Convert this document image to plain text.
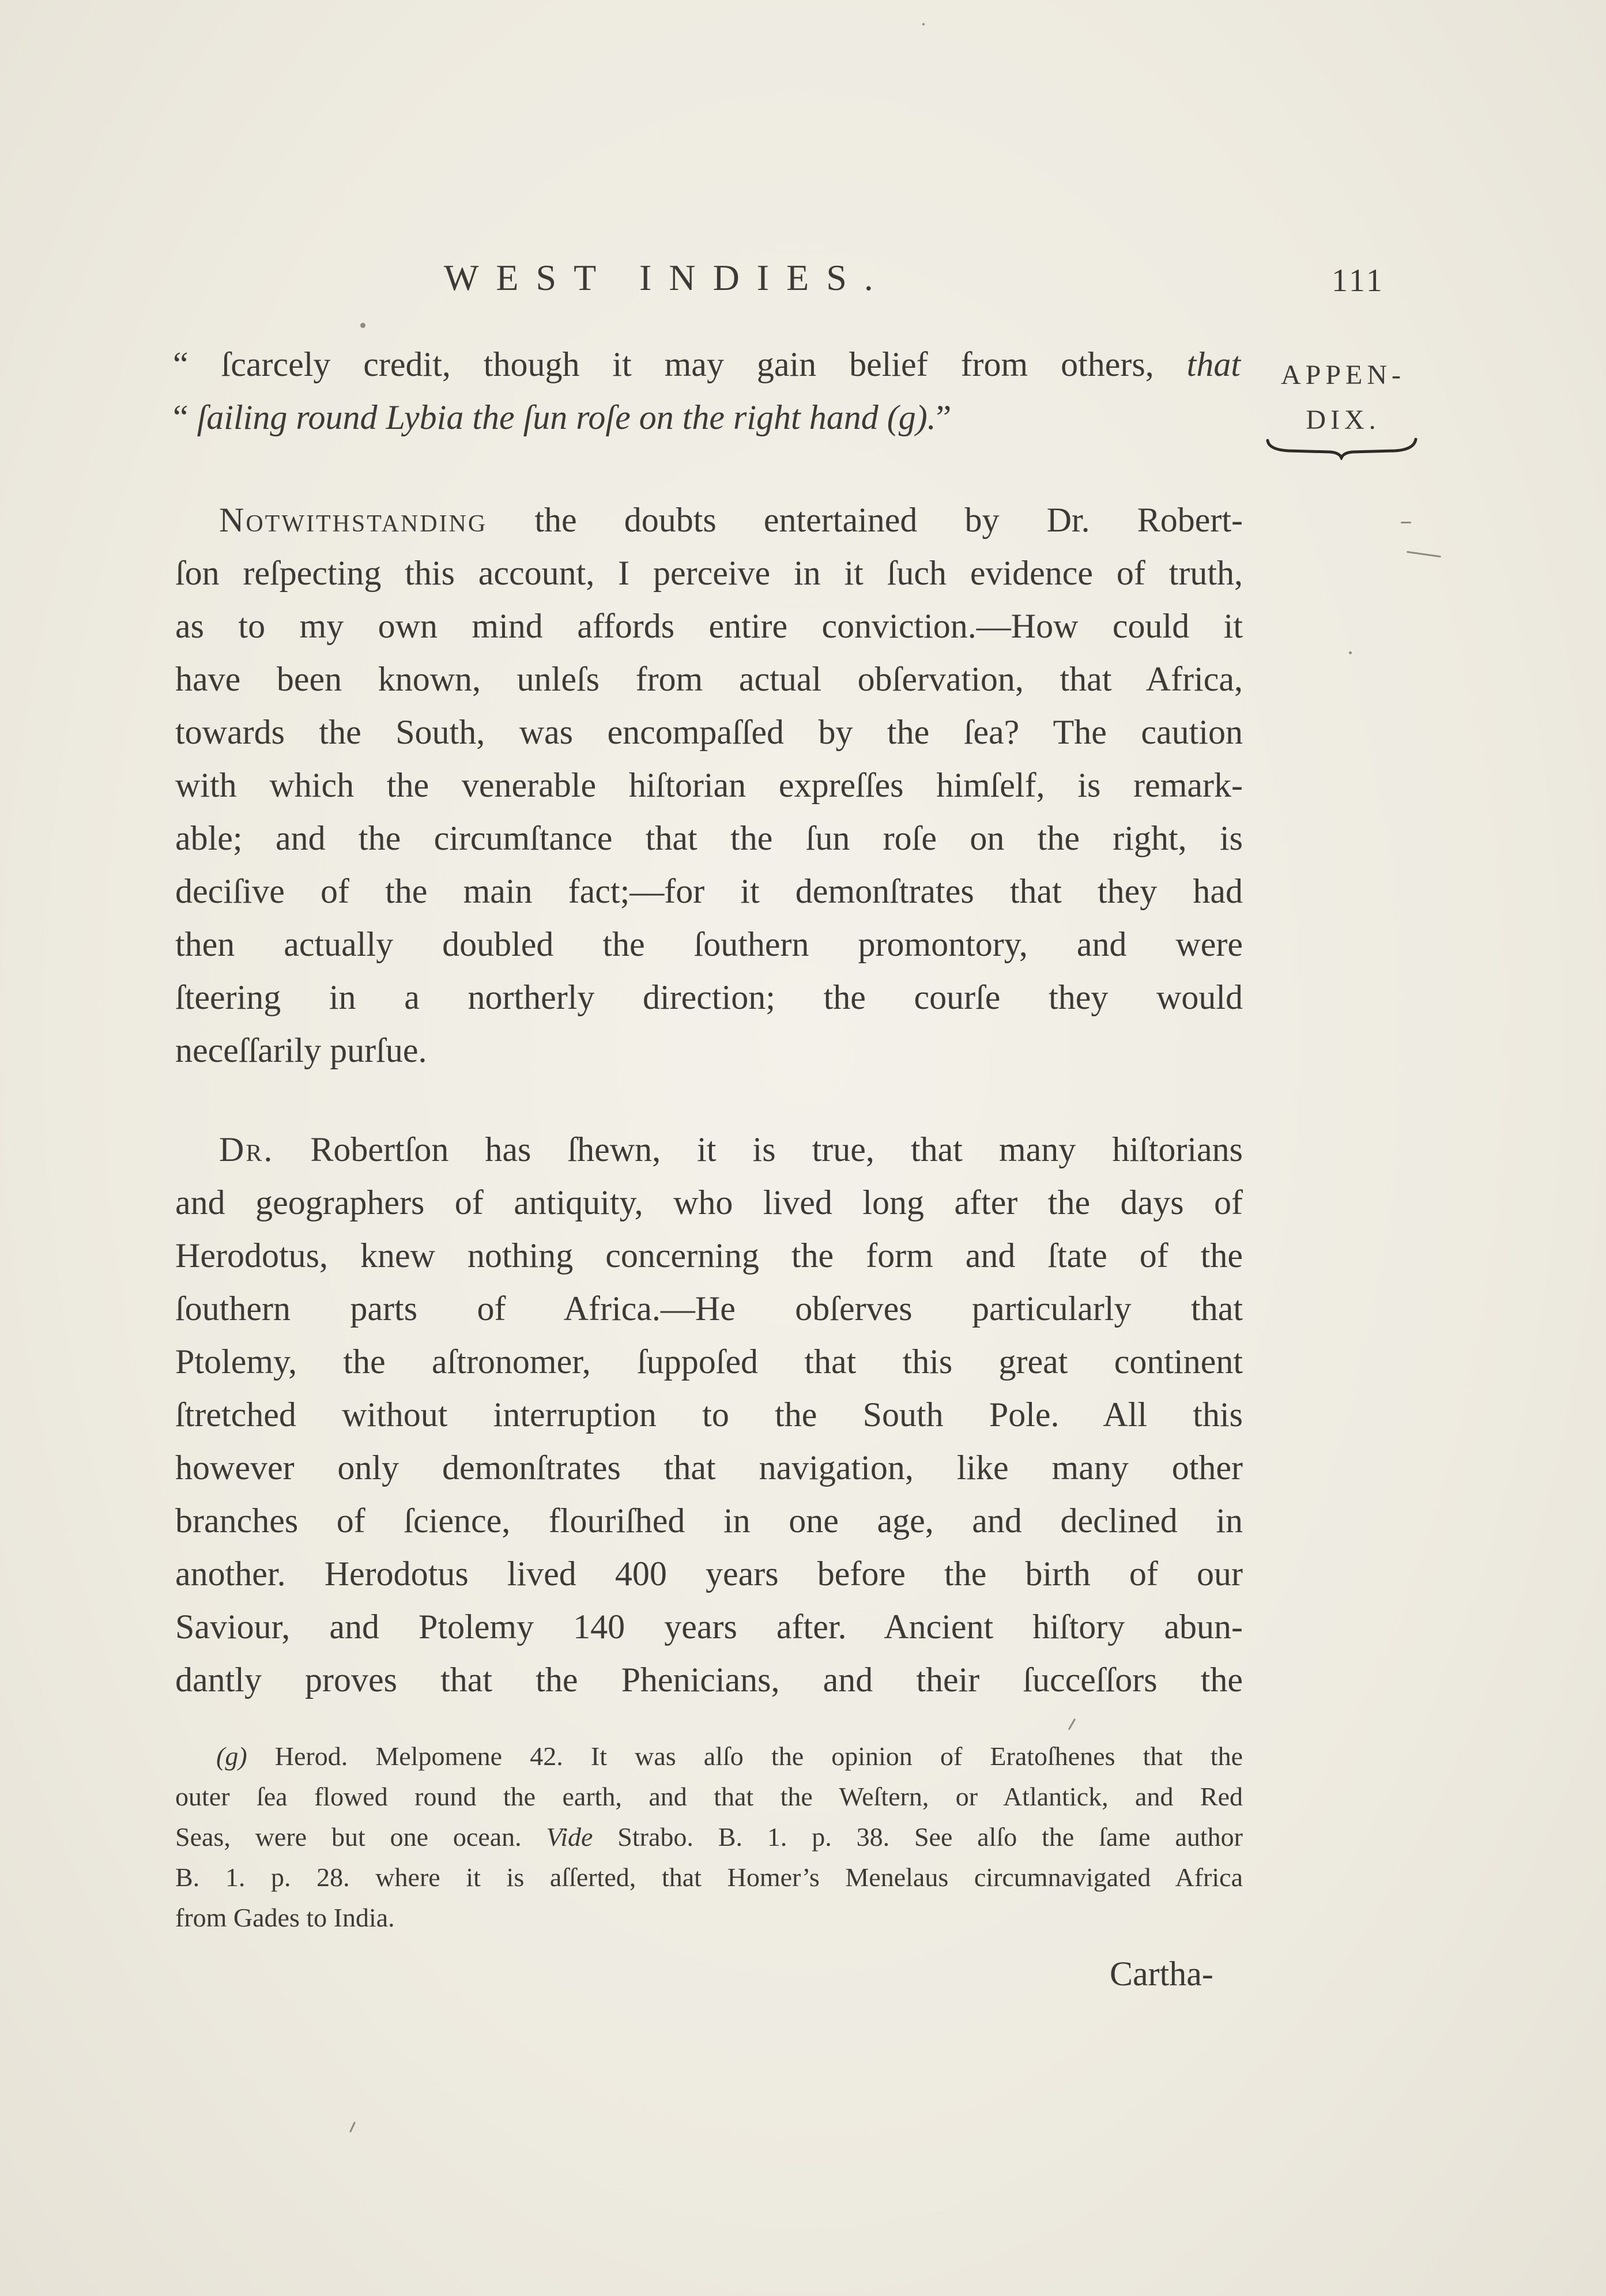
WEST INDIES.	111
APPEN-
DIX.
“ ſcarcely credit, though it may gain belief from others, that
“ ſailing round Lybia the ſun roſe on the right hand (g).”
Notwithstanding the doubts entertained by Dr. Robert-
ſon reſpecting this account, I perceive in it ſuch evidence of truth,
as to my own mind affords entire conviction.—How could it
have been known, unleſs from actual obſervation, that Africa,
towards the South, was encompaſſed by the ſea? The caution
with which the venerable hiſtorian expreſſes himſelf, is remark-
able; and the circumſtance that the ſun roſe on the right, is
deciſive of the main fact;—for it demonſtrates that they had
then actually doubled the ſouthern promontory, and were
ſteering in a northerly direction; the courſe they would
neceſſarily purſue.
Dr. Robertſon has ſhewn, it is true, that many hiſtorians
and geographers of antiquity, who lived long after the days of
Herodotus, knew nothing concerning the form and ſtate of the
ſouthern parts of Africa.—He obſerves particularly that
Ptolemy, the aſtronomer, ſuppoſed that this great continent
ſtretched without interruption to the South Pole. All this
however only demonſtrates that navigation, like many other
branches of ſcience, flouriſhed in one age, and declined in
another. Herodotus lived 400 years before the birth of our
Saviour, and Ptolemy 140 years after. Ancient hiſtory abun-
dantly proves that the Phenicians, and their ſucceſſors the
(g) Herod. Melpomene 42. It was alſo the opinion of Eratoſhenes that the
outer ſea flowed round the earth, and that the Weſtern, or Atlantick, and Red
Seas, were but one ocean. Vide Strabo. B. 1. p. 38. See alſo the ſame author
B. 1. p. 28. where it is aſſerted, that Homer’s Menelaus circumnavigated Africa
from Gades to India.
Cartha-
